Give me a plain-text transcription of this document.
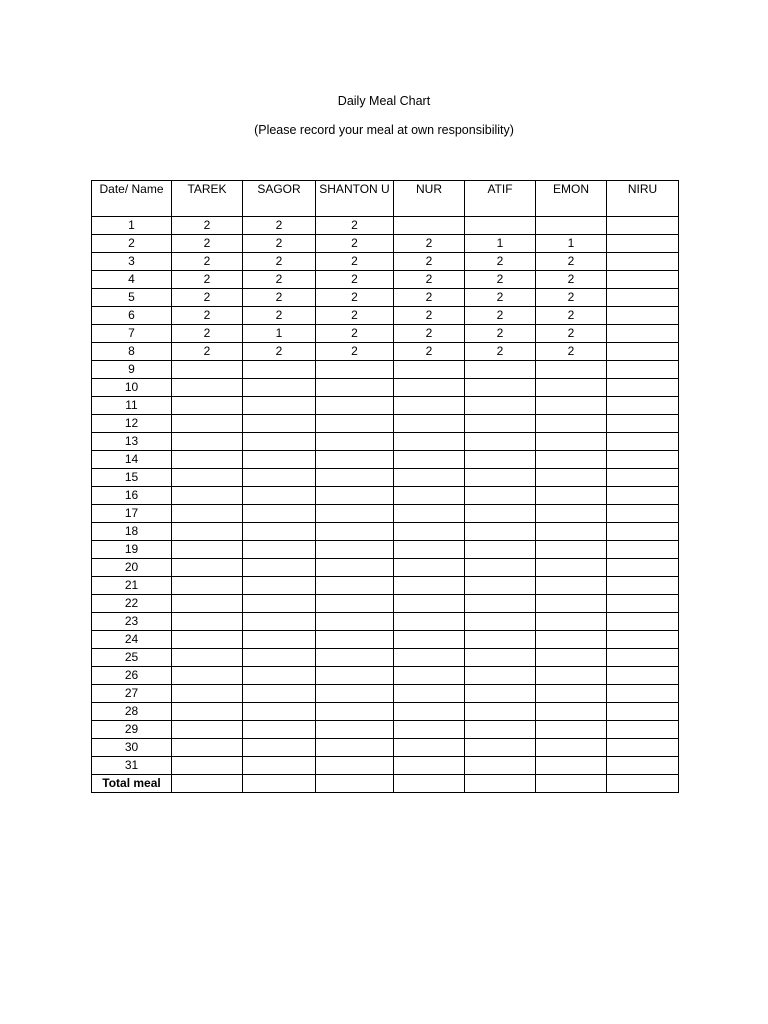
Daily Meal Chart
(Please record your meal at own responsibility)
Date/ Name	TAREK	SAGOR	SHANTON U	NUR	ATIF	EMON	NIRU
1	2	2	2				
2	2	2	2	2	1	1	
3	2	2	2	2	2	2	
4	2	2	2	2	2	2	
5	2	2	2	2	2	2	
6	2	2	2	2	2	2	
7	2	1	2	2	2	2	
8	2	2	2	2	2	2	
9							
10							
11							
12							
13							
14							
15							
16							
17							
18							
19							
20							
21							
22							
23							
24							
25							
26							
27							
28							
29							
30							
31							
Total meal							
